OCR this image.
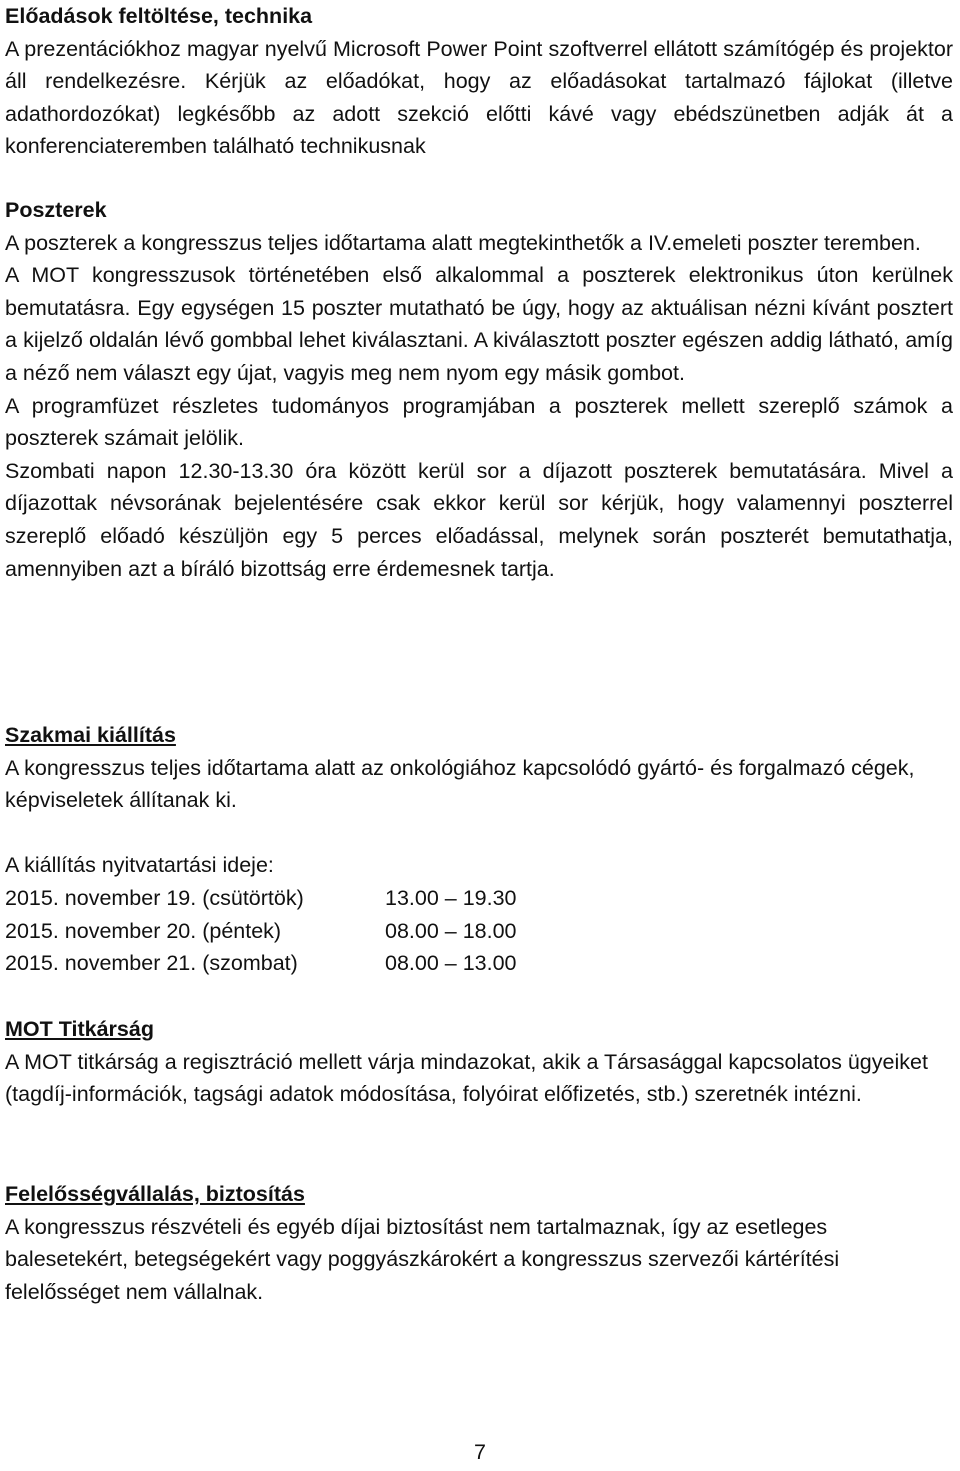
Előadások feltöltése, technika

A prezentációkhoz magyar nyelvű Microsoft Power Point szoftverrel ellátott számítógép és projektor áll rendelkezésre. Kérjük az előadókat, hogy az előadásokat tartalmazó fájlokat (illetve adathordozókat) legkésőbb az adott szekció előtti kávé vagy ebédszünetben adják át a konferenciateremben található technikusnak

Poszterek

A poszterek a kongresszus teljes időtartama alatt megtekinthetők a IV.emeleti poszter teremben.

A MOT kongresszusok történetében első alkalommal a poszterek elektronikus úton kerülnek bemutatásra. Egy egységen 15 poszter mutatható be úgy, hogy az aktuálisan nézni kívánt posztert a kijelző oldalán lévő gombbal lehet kiválasztani. A kiválasztott poszter egészen addig látható, amíg a néző nem választ egy újat, vagyis meg nem nyom egy másik gombot.

A programfüzet részletes tudományos programjában a poszterek mellett szereplő számok a poszterek számait jelölik.

Szombati napon 12.30-13.30 óra között kerül sor a díjazott poszterek bemutatására. Mivel a díjazottak névsorának bejelentésére csak ekkor kerül sor kérjük, hogy valamennyi poszterrel szereplő előadó készüljön egy 5 perces előadással, melynek során poszterét bemutathatja, amennyiben azt a bíráló bizottság erre érdemesnek tartja.

Szakmai kiállítás

A kongresszus teljes időtartama alatt az onkológiához kapcsolódó gyártó- és forgalmazó cégek, képviseletek állítanak ki.

A kiállítás nyitvatartási ideje:

2015. november 19. (csütörtök)	13.00 – 19.30
2015. november 20. (péntek)	08.00 – 18.00
2015. november 21. (szombat)	08.00 – 13.00

MOT Titkárság

A MOT titkárság a regisztráció mellett várja mindazokat, akik a Társasággal kapcsolatos ügyeiket (tagdíj-információk, tagsági adatok módosítása, folyóirat előfizetés, stb.) szeretnék intézni.

Felelősségvállalás, biztosítás

A kongresszus részvételi és egyéb díjai biztosítást nem tartalmaznak, így az esetleges balesetekért, betegségekért vagy poggyászkárokért a kongresszus szervezői kártérítési felelősséget nem vállalnak.

7
